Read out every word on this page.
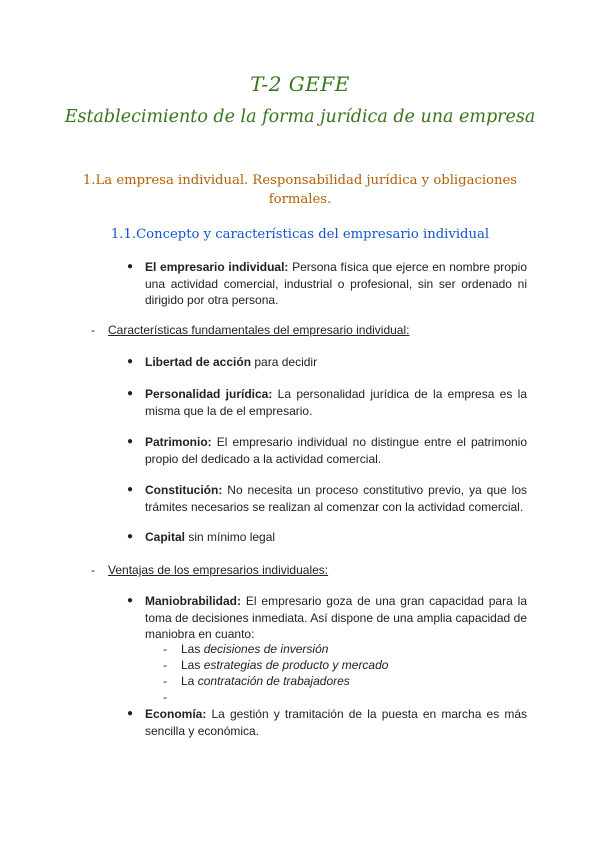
T-2 GEFE
Establecimiento de la forma jurídica de una empresa
1.La empresa individual. Responsabilidad jurídica y obligaciones
formales.
1.1.Concepto y características del empresario individual
● El empresario individual: Persona física que ejerce en nombre propio una actividad comercial, industrial o profesional, sin ser ordenado ni dirigido por otra persona.
- Características fundamentales del empresario individual:
● Libertad de acción para decidir
● Personalidad jurídica: La personalidad jurídica de la empresa es la misma que la de el empresario.
● Patrimonio: El empresario individual no distingue entre el patrimonio propio del dedicado a la actividad comercial.
● Constitución: No necesita un proceso constitutivo previo, ya que los trámites necesarios se realizan al comenzar con la actividad comercial.
● Capital sin mínimo legal
- Ventajas de los empresarios individuales:
● Maniobrabilidad: El empresario goza de una gran capacidad para la toma de decisiones inmediata. Así dispone de una amplia capacidad de maniobra en cuanto:
- Las decisiones de inversión
- Las estrategias de producto y mercado
- La contratación de trabajadores
-
● Economía: La gestión y tramitación de la puesta en marcha es más sencilla y económica.
